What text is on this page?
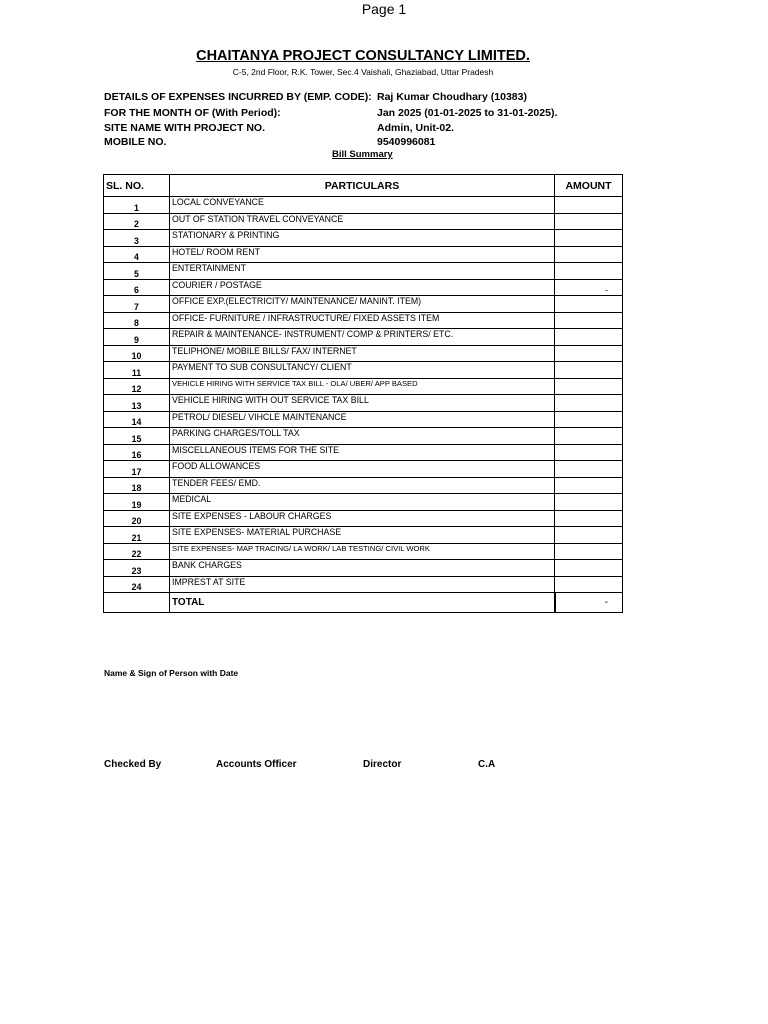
Page 1
CHAITANYA PROJECT CONSULTANCY LIMITED.
C-5, 2nd Floor, R.K. Tower, Sec.4 Vaishali, Ghaziabad, Uttar Pradesh
DETAILS OF EXPENSES INCURRED BY (EMP. CODE): Raj Kumar Choudhary (10383)
FOR THE MONTH OF (With Period):	Jan 2025 (01-01-2025 to 31-01-2025).
SITE NAME WITH PROJECT NO.	Admin, Unit-02.
MOBILE NO.	9540996081
Bill Summary
SL. NO.	PARTICULARS	AMOUNT
1	LOCAL CONVEYANCE	
2	OUT OF STATION TRAVEL CONVEYANCE	
3	STATIONARY & PRINTING	
4	HOTEL/ ROOM RENT	
5	ENTERTAINMENT	
6	COURIER / POSTAGE	-
7	OFFICE EXP.(ELECTRICITY/ MAINTENANCE/ MANINT. ITEM)	
8	OFFICE- FURNITURE / INFRASTRUCTURE/ FIXED ASSETS ITEM	
9	REPAIR & MAINTENANCE- INSTRUMENT/ COMP & PRINTERS/ ETC.	
10	TELIPHONE/ MOBILE BILLS/ FAX/ INTERNET	
11	PAYMENT TO SUB CONSULTANCY/ CLIENT	
12	VEHICLE HIRING WITH SERVICE TAX BILL - OLA/ UBER/ APP BASED	
13	VEHICLE HIRING WITH OUT SERVICE TAX BILL	
14	PETROL/ DIESEL/ VIHCLE MAINTENANCE	
15	PARKING CHARGES/TOLL TAX	
16	MISCELLANEOUS ITEMS FOR THE SITE	
17	FOOD ALLOWANCES	
18	TENDER FEES/ EMD.	
19	MEDICAL	
20	SITE EXPENSES - LABOUR CHARGES	
21	SITE EXPENSES- MATERIAL PURCHASE	
22	SITE EXPENSES- MAP TRACING/ LA WORK/ LAB TESTING/ CIVIL WORK	
23	BANK CHARGES	
24	IMPREST AT SITE	
	TOTAL	-
Name & Sign of Person with Date
Checked By	Accounts Officer	Director	C.A
